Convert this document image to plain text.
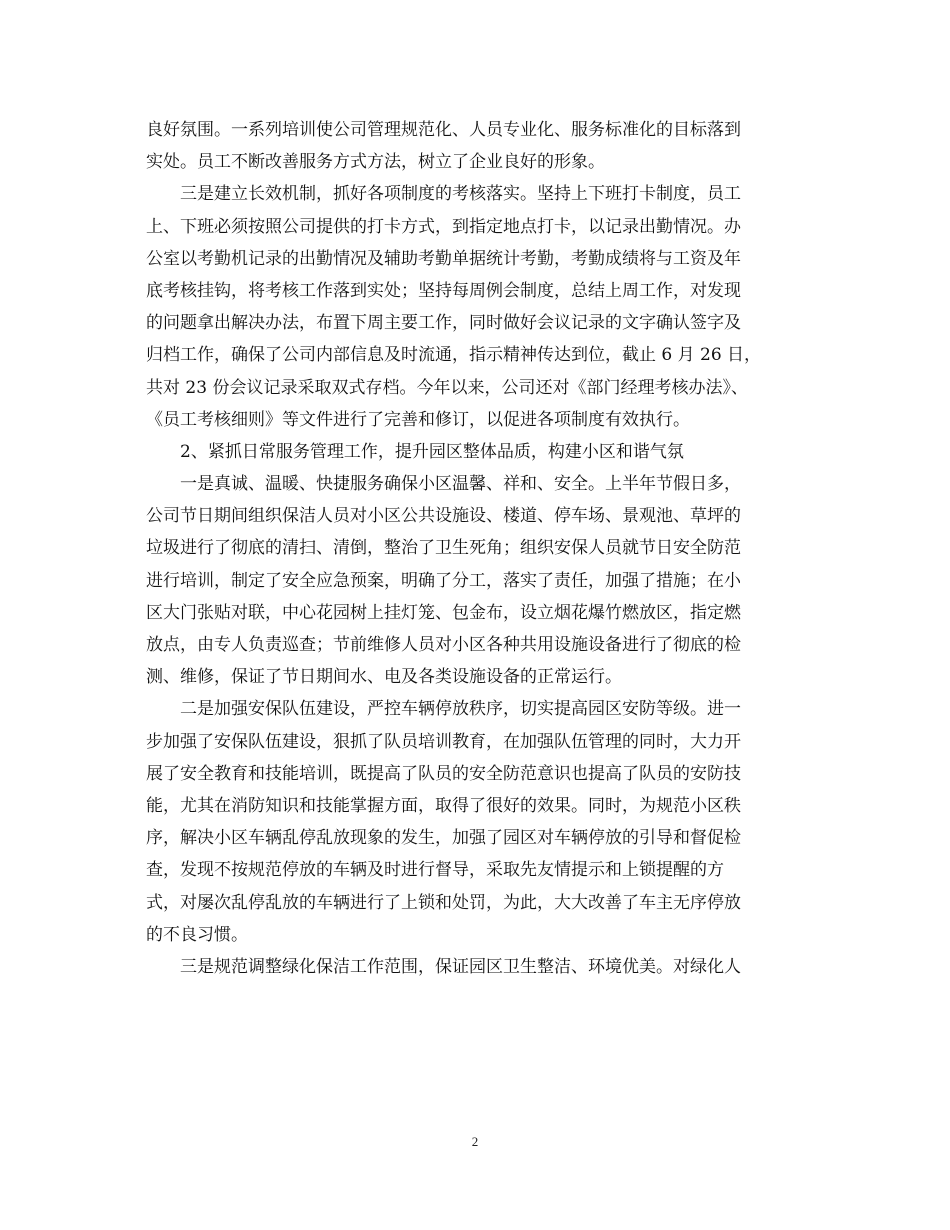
良好氛围。一系列培训使公司管理规范化、人员专业化、服务标准化的目标落到
实处。员工不断改善服务方式方法，树立了企业良好的形象。
三是建立长效机制，抓好各项制度的考核落实。坚持上下班打卡制度，员工
上、下班必须按照公司提供的打卡方式，到指定地点打卡，以记录出勤情况。办
公室以考勤机记录的出勤情况及辅助考勤单据统计考勤，考勤成绩将与工资及年
底考核挂钩，将考核工作落到实处；坚持每周例会制度，总结上周工作，对发现
的问题拿出解决办法，布置下周主要工作，同时做好会议记录的文字确认签字及
归档工作，确保了公司内部信息及时流通，指示精神传达到位，截止 6 月 26 日，
共对 23 份会议记录采取双式存档。今年以来，公司还对《部门经理考核办法》、
《员工考核细则》等文件进行了完善和修订，以促进各项制度有效执行。
2、紧抓日常服务管理工作，提升园区整体品质，构建小区和谐气氛
一是真诚、温暖、快捷服务确保小区温馨、祥和、安全。上半年节假日多，
公司节日期间组织保洁人员对小区公共设施设、楼道、停车场、景观池、草坪的
垃圾进行了彻底的清扫、清倒，整治了卫生死角；组织安保人员就节日安全防范
进行培训，制定了安全应急预案，明确了分工，落实了责任，加强了措施；在小
区大门张贴对联，中心花园树上挂灯笼、包金布，设立烟花爆竹燃放区，指定燃
放点，由专人负责巡查；节前维修人员对小区各种共用设施设备进行了彻底的检
测、维修，保证了节日期间水、电及各类设施设备的正常运行。
二是加强安保队伍建设，严控车辆停放秩序，切实提高园区安防等级。进一
步加强了安保队伍建设，狠抓了队员培训教育，在加强队伍管理的同时，大力开
展了安全教育和技能培训，既提高了队员的安全防范意识也提高了队员的安防技
能，尤其在消防知识和技能掌握方面，取得了很好的效果。同时，为规范小区秩
序，解决小区车辆乱停乱放现象的发生，加强了园区对车辆停放的引导和督促检
查，发现不按规范停放的车辆及时进行督导，采取先友情提示和上锁提醒的方
式，对屡次乱停乱放的车辆进行了上锁和处罚，为此，大大改善了车主无序停放
的不良习惯。
三是规范调整绿化保洁工作范围，保证园区卫生整洁、环境优美。对绿化人
2
